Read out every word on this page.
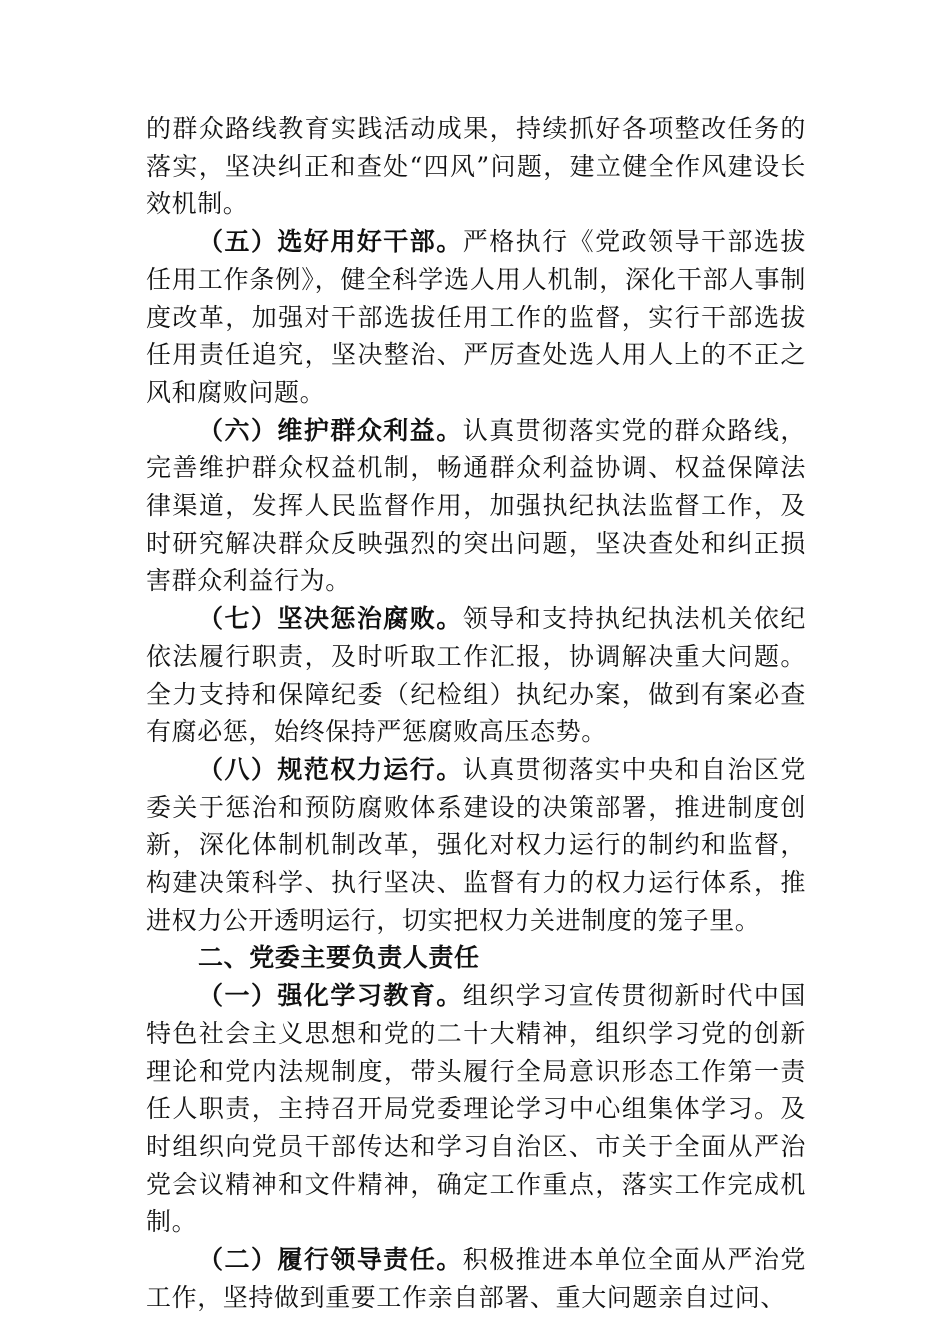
的群众路线教育实践活动成果，持续抓好各项整改任务的落实，坚决纠正和查处“四风”问题，建立健全作风建设长效机制。

（五）选好用好干部。严格执行《党政领导干部选拔任用工作条例》，健全科学选人用人机制，深化干部人事制度改革，加强对干部选拔任用工作的监督，实行干部选拔任用责任追究，坚决整治、严厉查处选人用人上的不正之风和腐败问题。

（六）维护群众利益。认真贯彻落实党的群众路线，完善维护群众权益机制，畅通群众利益协调、权益保障法律渠道，发挥人民监督作用，加强执纪执法监督工作，及时研究解决群众反映强烈的突出问题，坚决查处和纠正损害群众利益行为。

（七）坚决惩治腐败。领导和支持执纪执法机关依纪依法履行职责，及时听取工作汇报，协调解决重大问题。全力支持和保障纪委（纪检组）执纪办案，做到有案必查有腐必惩，始终保持严惩腐败高压态势。

（八）规范权力运行。认真贯彻落实中央和自治区党委关于惩治和预防腐败体系建设的决策部署，推进制度创新，深化体制机制改革，强化对权力运行的制约和监督，构建决策科学、执行坚决、监督有力的权力运行体系，推进权力公开透明运行，切实把权力关进制度的笼子里。

二、党委主要负责人责任

（一）强化学习教育。组织学习宣传贯彻新时代中国特色社会主义思想和党的二十大精神，组织学习党的创新理论和党内法规制度，带头履行全局意识形态工作第一责任人职责，主持召开局党委理论学习中心组集体学习。及时组织向党员干部传达和学习自治区、市关于全面从严治党会议精神和文件精神，确定工作重点，落实工作完成机制。

（二）履行领导责任。积极推进本单位全面从严治党工作，坚持做到重要工作亲自部署、重大问题亲自过问、
